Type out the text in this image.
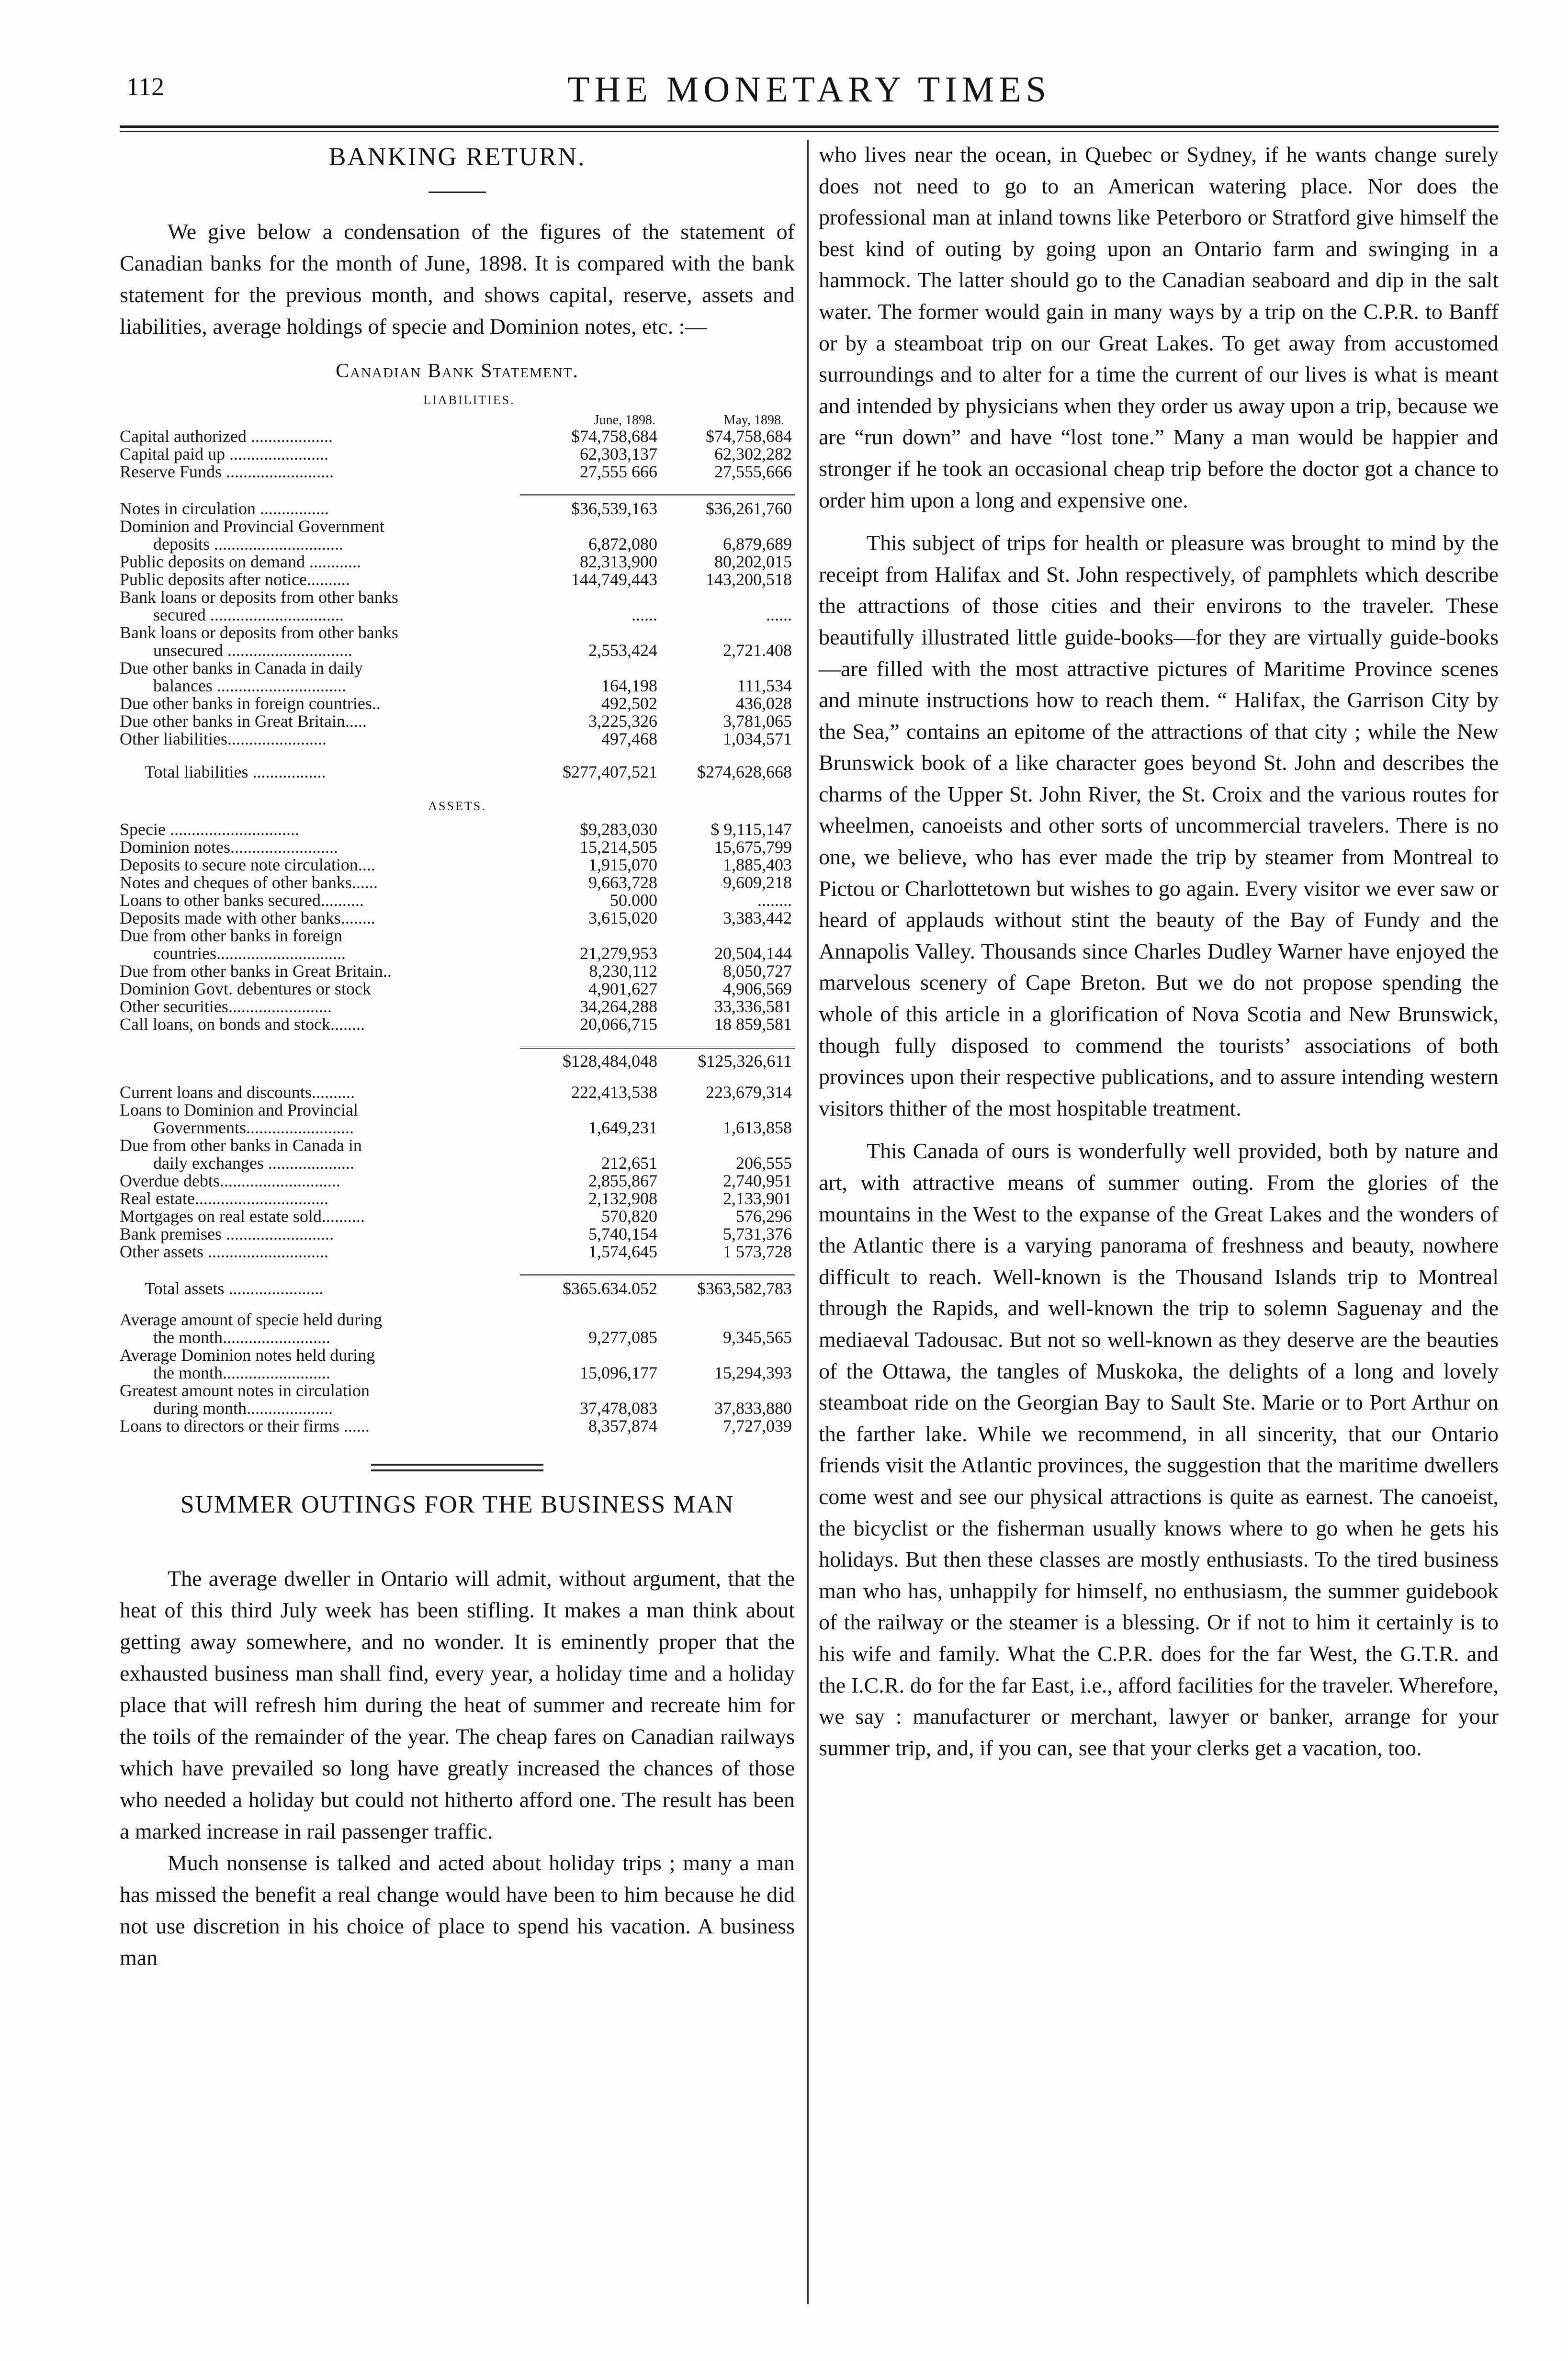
112	THE MONETARY TIMES
BANKING RETURN.

We give below a condensation of the figures of the statement of Canadian banks for the month of June, 1898. It is compared with the bank statement for the previous month, and shows capital, reserve, assets and liabilities, average holdings of specie and Dominion notes, etc. :—

Canadian Bank Statement.
LIABILITIES.
	June, 1898.	May, 1898.
Capital authorized ...................	$74,758,684	$74,758,684
Capital paid up .......................	62,303,137	62,302,282
Reserve Funds .........................	27,555 666	27,555,666

Notes in circulation ................	$36,539,163	$36,261,760
Dominion and Provincial Government		
deposits ..............................	6,872,080	6,879,689
Public deposits on demand ............	82,313,900	80,202,015
Public deposits after notice..........	144,749,443	143,200,518
Bank loans or deposits from other banks		
secured ...............................	......	......
Bank loans or deposits from other banks		
unsecured .............................	2,553,424	2,721.408
Due other banks in Canada in daily		
balances ..............................	164,198	111,534
Due other banks in foreign countries..	492,502	436,028
Due other banks in Great Britain.....	3,225,326	3,781,065
Other liabilities.......................	497,468	1,034,571

Total liabilities .................	$277,407,521	$274,628,668

ASSETS.		

Specie ..............................	$9,283,030	$ 9,115,147
Dominion notes.........................	15,214,505	15,675,799
Deposits to secure note circulation....	1,915,070	1,885,403
Notes and cheques of other banks......	9,663,728	9,609,218
Loans to other banks secured..........	50.000	........
Deposits made with other banks........	3,615,020	3,383,442
Due from other banks in foreign		
countries..............................	21,279,953	20,504,144
Due from other banks in Great Britain..	8,230,112	8,050,727
Dominion Govt. debentures or stock	4,901,627	4,906,569
Other securities........................	34,264,288	33,336,581
Call loans, on bonds and stock........	20,066,715	18 859,581

	$128,484,048	$125,326,611

Current loans and discounts..........	222,413,538	223,679,314
Loans to Dominion and Provincial		
Governments.........................	1,649,231	1,613,858
Due from other banks in Canada in		
daily exchanges ....................	212,651	206,555
Overdue debts............................	2,855,867	2,740,951
Real estate...............................	2,132,908	2,133,901
Mortgages on real estate sold..........	570,820	576,296
Bank premises .........................	5,740,154	5,731,376
Other assets ............................	1,574,645	1 573,728

Total assets ......................	$365.634.052	$363,582,783

Average amount of specie held during		
the month.........................	9,277,085	9,345,565
Average Dominion notes held during		
the month.........................	15,096,177	15,294,393
Greatest amount notes in circulation		
during month....................	37,478,083	37,833,880
Loans to directors or their firms ......	8,357,874	7,727,039
SUMMER OUTINGS FOR THE BUSINESS MAN

The average dweller in Ontario will admit, without argument, that the heat of this third July week has been stifling. It makes a man think about getting away somewhere, and no wonder. It is eminently proper that the exhausted business man shall find, every year, a holiday time and a holiday place that will refresh him during the heat of summer and recreate him for the toils of the remainder of the year. The cheap fares on Canadian railways which have prevailed so long have greatly increased the chances of those who needed a holiday but could not hitherto afford one. The result has been a marked increase in rail passenger traffic.

Much nonsense is talked and acted about holiday trips ; many a man has missed the benefit a real change would have been to him because he did not use discretion in his choice of place to spend his vacation. A business man

who lives near the ocean, in Quebec or Sydney, if he wants change surely does not need to go to an American watering place. Nor does the professional man at inland towns like Peterboro or Stratford give himself the best kind of outing by going upon an Ontario farm and swinging in a hammock. The latter should go to the Canadian seaboard and dip in the salt water. The former would gain in many ways by a trip on the C.P.R. to Banff or by a steamboat trip on our Great Lakes. To get away from accustomed surroundings and to alter for a time the current of our lives is what is meant and intended by physicians when they order us away upon a trip, because we are “run down” and have “lost tone.” Many a man would be happier and stronger if he took an occasional cheap trip before the doctor got a chance to order him upon a long and expensive one.

This subject of trips for health or pleasure was brought to mind by the receipt from Halifax and St. John respectively, of pamphlets which describe the attractions of those cities and their environs to the traveler. These beautifully illustrated little guide-books—for they are virtually guide-books—are filled with the most attractive pictures of Maritime Province scenes and minute instructions how to reach them. “ Halifax, the Garrison City by the Sea,” contains an epitome of the attractions of that city ; while the New Brunswick book of a like character goes beyond St. John and describes the charms of the Upper St. John River, the St. Croix and the various routes for wheelmen, canoeists and other sorts of uncommercial travelers. There is no one, we believe, who has ever made the trip by steamer from Montreal to Pictou or Charlottetown but wishes to go again. Every visitor we ever saw or heard of applauds without stint the beauty of the Bay of Fundy and the Annapolis Valley. Thousands since Charles Dudley Warner have enjoyed the marvelous scenery of Cape Breton. But we do not propose spending the whole of this article in a glorification of Nova Scotia and New Brunswick, though fully disposed to commend the tourists’ associations of both provinces upon their respective publications, and to assure intending western visitors thither of the most hospitable treatment.

This Canada of ours is wonderfully well provided, both by nature and art, with attractive means of summer outing. From the glories of the mountains in the West to the expanse of the Great Lakes and the wonders of the Atlantic there is a varying panorama of freshness and beauty, nowhere difficult to reach. Well-known is the Thousand Islands trip to Montreal through the Rapids, and well-known the trip to solemn Saguenay and the mediaeval Tadousac. But not so well-known as they deserve are the beauties of the Ottawa, the tangles of Muskoka, the delights of a long and lovely steamboat ride on the Georgian Bay to Sault Ste. Marie or to Port Arthur on the farther lake. While we recommend, in all sincerity, that our Ontario friends visit the Atlantic provinces, the suggestion that the maritime dwellers come west and see our physical attractions is quite as earnest. The canoeist, the bicyclist or the fisherman usually knows where to go when he gets his holidays. But then these classes are mostly enthusiasts. To the tired business man who has, unhappily for himself, no enthusiasm, the summer guidebook of the railway or the steamer is a blessing. Or if not to him it certainly is to his wife and family. What the C.P.R. does for the far West, the G.T.R. and the I.C.R. do for the far East, i.e., afford facilities for the traveler. Wherefore, we say : manufacturer or merchant, lawyer or banker, arrange for your summer trip, and, if you can, see that your clerks get a vacation, too.
